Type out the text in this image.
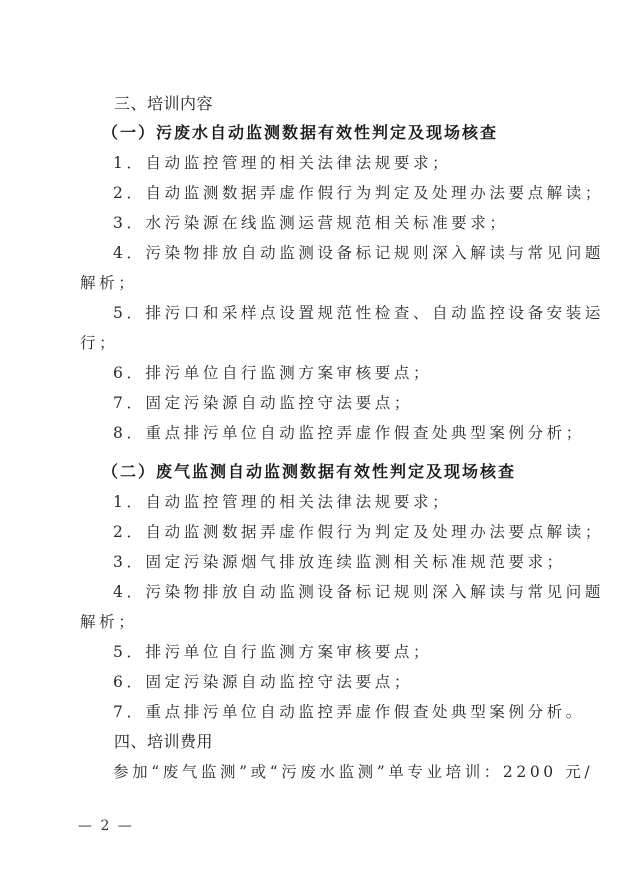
三、培训内容
（一）污废水自动监测数据有效性判定及现场核查
1．自动监控管理的相关法律法规要求；
2．自动监测数据弄虚作假行为判定及处理办法要点解读；
3．水污染源在线监测运营规范相关标准要求；
4．污染物排放自动监测设备标记规则深入解读与常见问题
解析；
5．排污口和采样点设置规范性检查、自动监控设备安装运
行；
6．排污单位自行监测方案审核要点；
7．固定污染源自动监控守法要点；
8．重点排污单位自动监控弄虚作假查处典型案例分析；
（二）废气监测自动监测数据有效性判定及现场核查
1．自动监控管理的相关法律法规要求；
2．自动监测数据弄虚作假行为判定及处理办法要点解读；
3．固定污染源烟气排放连续监测相关标准规范要求；
4．污染物排放自动监测设备标记规则深入解读与常见问题
解析；
5．排污单位自行监测方案审核要点；
6．固定污染源自动监控守法要点；
7．重点排污单位自动监控弄虚作假查处典型案例分析。
四、培训费用
参加“废气监测”或“污废水监测”单专业培训：2200 元/
— 2 —
